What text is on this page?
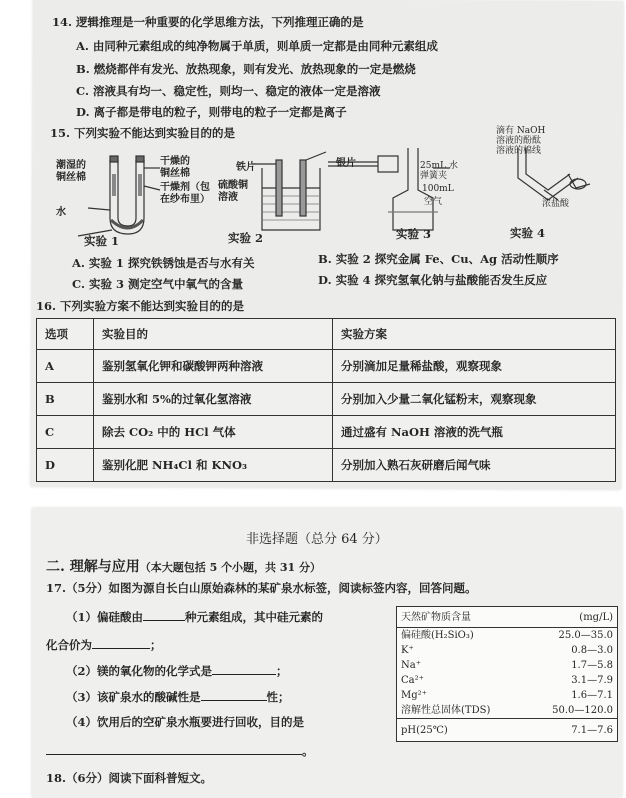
14. 逻辑推理是一种重要的化学思维方法，下列推理正确的是
A. 由同种元素组成的纯净物属于单质，则单质一定都是由同种元素组成
B. 燃烧都伴有发光、放热现象，则有发光、放热现象的一定是燃烧
C. 溶液具有均一、稳定性，则均一、稳定的液体一定是溶液
D. 离子都是带电的粒子，则带电的粒子一定都是离子
15. 下列实验不能达到实验目的的是
潮湿的
铜丝棉
干燥的
铜丝棉
干燥剂（包
在纱布里）
水
铁片	银片
硫酸铜
溶液
25mL 水
弹簧夹
100mL
空气
滴有 NaOH
溶液的酚酞
溶液的棉线
浓盐酸
实验 1	实验 2	实验 3	实验 4
A. 实验 1 探究铁锈蚀是否与水有关	B. 实验 2 探究金属 Fe、Cu、Ag 活动性顺序
C. 实验 3 测定空气中氧气的含量	D. 实验 4 探究氢氧化钠与盐酸能否发生反应
16. 下列实验方案不能达到实验目的的是
选项	实验目的	实验方案
A	鉴别氢氧化钾和碳酸钾两种溶液	分别滴加足量稀盐酸，观察现象
B	鉴别水和 5%的过氧化氢溶液	分别加入少量二氧化锰粉末，观察现象
C	除去 CO₂ 中的 HCl 气体	通过盛有 NaOH 溶液的洗气瓶
D	鉴别化肥 NH₄Cl 和 KNO₃	分别加入熟石灰研磨后闻气味
非选择题（总分 64 分）
二. 理解与应用（本大题包括 5 个小题，共 31 分）
17.（5分）如图为源自长白山原始森林的某矿泉水标签，阅读标签内容，回答问题。
（1）偏硅酸由	种元素组成，其中硅元素的
化合价为	；
（2）镁的氧化物的化学式是	；
（3）该矿泉水的酸碱性是	性；
（4）饮用后的空矿泉水瓶要进行回收，目的是
。
天然矿物质含量	(mg/L)
偏硅酸(H₂SiO₃)	25.0—35.0
K⁺	0.8—3.0
Na⁺	1.7—5.8
Ca²⁺	3.1—7.9
Mg²⁺	1.6—7.1
溶解性总固体(TDS)	50.0—120.0
pH(25℃)	7.1—7.6
18.（6分）阅读下面科普短文。
